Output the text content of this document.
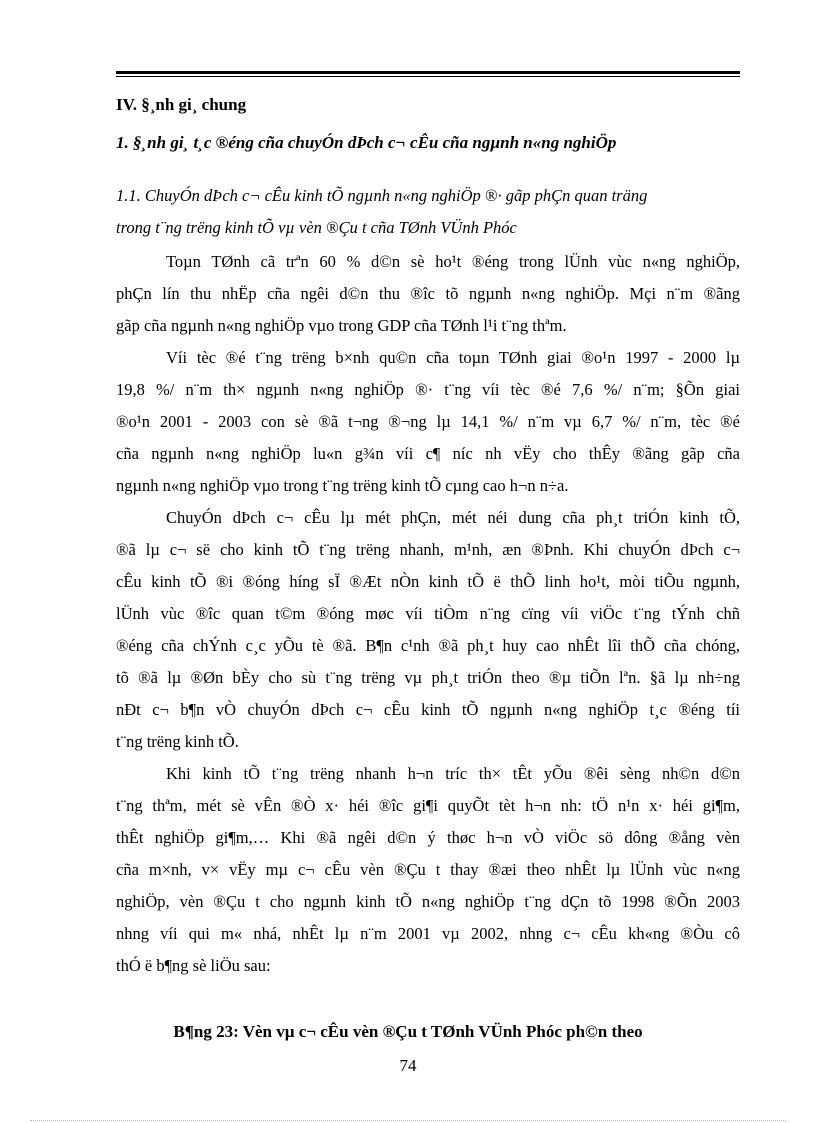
IV. §¸nh gi¸ chung
1. §¸nh gi¸ t¸c ®éng cña chuyÓn dÞch c¬ cÊu cña ngµnh n«ng nghiÖp
1.1. ChuyÓn dÞch c¬ cÊu kinh tÕ ngµnh n«ng nghiÖp ®· gãp phÇn quan träng
trong t¨ng trëng kinh tÕ vµ vèn ®Çu t cña TØnh VÜnh Phóc
Toµn TØnh cã trªn 60 % d©n sè ho¹t ®éng trong lÜnh vùc n«ng nghiÖp,
phÇn lín thu nhËp cña ngêi d©n thu ®îc tõ ngµnh n«ng nghiÖp. Mçi n¨m ®ãng
gãp cña ngµnh n«ng nghiÖp vµo trong GDP cña TØnh l¹i t¨ng thªm.
Víi tèc ®é t¨ng trëng b×nh qu©n cña toµn TØnh giai ®o¹n 1997 - 2000 lµ
19,8 %/ n¨m th× ngµnh n«ng nghiÖp ®· t¨ng víi tèc ®é 7,6 %/ n¨m; §Õn giai
®o¹n 2001 - 2003 con sè ®ã t¬ng ®¬ng lµ 14,1 %/ n¨m vµ 6,7 %/ n¨m, tèc ®é
cña ngµnh n«ng nghiÖp lu«n g¾n víi c¶ níc nh vËy cho thÊy ®ãng gãp cña
ngµnh n«ng nghiÖp vµo trong t¨ng trëng kinh tÕ cµng cao h¬n n÷a.
ChuyÓn dÞch c¬ cÊu lµ mét phÇn, mét néi dung cña ph¸t triÓn kinh tÕ,
®ã lµ c¬ së cho kinh tÕ t¨ng trëng nhanh, m¹nh, æn ®Þnh. Khi chuyÓn dÞch c¬
cÊu kinh tÕ ®i ®óng híng sÏ ®Æt nÒn kinh tÕ ë thÕ linh ho¹t, mòi tiÕu ngµnh,
lÜnh vùc ®îc quan t©m ®óng møc víi tiÒm n¨ng cïng víi viÖc t¨ng tÝnh chñ
®éng cña chÝnh c¸c yÕu tè ®ã. B¶n c¹nh ®ã ph¸t huy cao nhÊt lîi thÕ cña chóng,
tõ ®ã lµ ®Øn bÈy cho sù t¨ng trëng vµ ph¸t triÓn theo ®µ tiÕn lªn. §ã lµ nh÷ng
nÐt c¬ b¶n vÒ chuyÓn dÞch c¬ cÊu kinh tÕ ngµnh n«ng nghiÖp t¸c ®éng tíi
t¨ng trëng kinh tÕ.
Khi kinh tÕ t¨ng trëng nhanh h¬n tríc th× tÊt yÕu ®êi sèng nh©n d©n
t¨ng thªm, mét sè vÊn ®Ò x· héi ®îc gi¶i quyÕt tèt h¬n nh: tÖ n¹n x· héi gi¶m,
thÊt nghiÖp gi¶m,… Khi ®ã ngêi d©n ý thøc h¬n vÒ viÖc sö dông ®ång vèn
cña m×nh, v× vËy mµ c¬ cÊu vèn ®Çu t thay ®æi theo nhÊt lµ lÜnh vùc n«ng
nghiÖp, vèn ®Çu t cho ngµnh kinh tÕ n«ng nghiÖp t¨ng dÇn tõ 1998 ®Õn 2003
nhng víi qui m« nhá, nhÊt lµ n¨m 2001 vµ 2002, nhng c¬ cÊu kh«ng ®Òu cô
thÓ ë b¶ng sè liÖu sau:
B¶ng 23: Vèn vµ c¬ cÊu vèn ®Çu t TØnh VÜnh Phóc ph©n theo
74
